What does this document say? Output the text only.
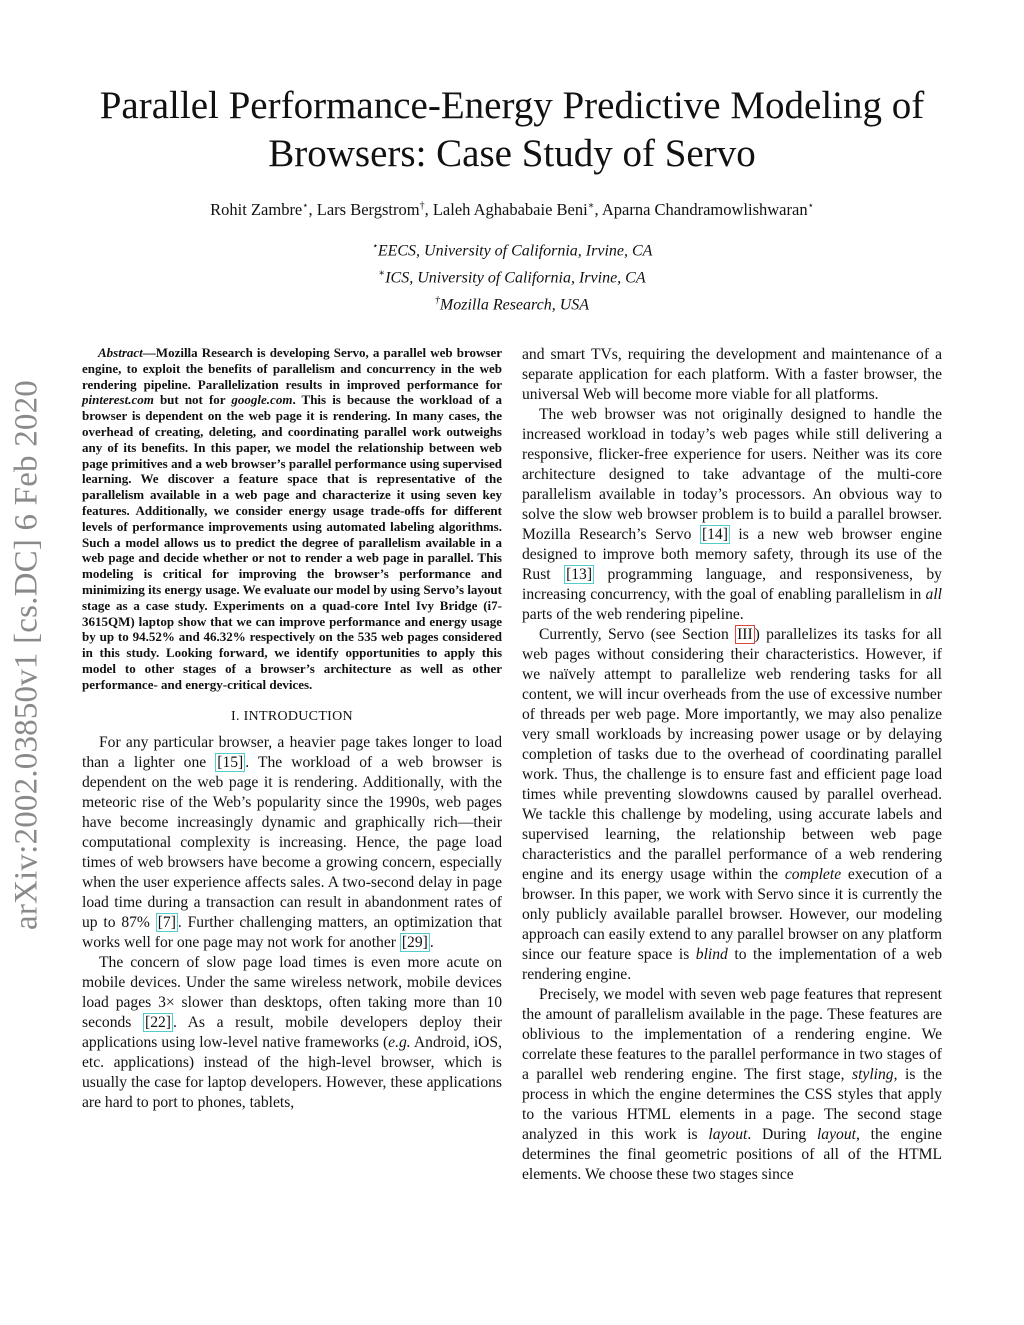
arXiv:2002.03850v1 [cs.DC] 6 Feb 2020
Parallel Performance-Energy Predictive Modeling of
Browsers: Case Study of Servo
Rohit Zambre⋆, Lars Bergstrom†, Laleh Aghababaie Beni∗, Aparna Chandramowlishwaran⋆
⋆EECS, University of California, Irvine, CA
∗ICS, University of California, Irvine, CA
†Mozilla Research, USA

Abstract—Mozilla Research is developing Servo, a parallel web browser engine, to exploit the benefits of parallelism and concurrency in the web rendering pipeline. Parallelization results in improved performance for pinterest.com but not for google.com. This is because the workload of a browser is dependent on the web page it is rendering. In many cases, the overhead of creating, deleting, and coordinating parallel work outweighs any of its benefits. In this paper, we model the relationship between web page primitives and a web browser’s parallel performance using supervised learning. We discover a feature space that is representative of the parallelism available in a web page and characterize it using seven key features. Additionally, we consider energy usage trade-offs for different levels of performance improvements using automated labeling algorithms. Such a model allows us to predict the degree of parallelism available in a web page and decide whether or not to render a web page in parallel. This modeling is critical for improving the browser’s performance and minimizing its energy usage. We evaluate our model by using Servo’s layout stage as a case study. Experiments on a quad-core Intel Ivy Bridge (i7-3615QM) laptop show that we can improve performance and energy usage by up to 94.52% and 46.32% respectively on the 535 web pages considered in this study. Looking forward, we identify opportunities to apply this model to other stages of a browser’s architecture as well as other performance- and energy-critical devices.

I. INTRODUCTION

For any particular browser, a heavier page takes longer to load than a lighter one [15] . The workload of a web browser is dependent on the web page it is rendering. Additionally, with the meteoric rise of the Web’s popularity since the 1990s, web pages have become increasingly dynamic and graphically rich—their computational complexity is increasing. Hence, the page load times of web browsers have become a growing concern, especially when the user experience affects sales. A two-second delay in page load time during a transaction can result in abandonment rates of up to 87% [7] . Further challenging matters, an optimization that works well for one page may not work for another [29] .

The concern of slow page load times is even more acute on mobile devices. Under the same wireless network, mobile devices load pages 3× slower than desktops, often taking more than 10 seconds [22] . As a result, mobile developers deploy their applications using low-level native frameworks (e.g. Android, iOS, etc. applications) instead of the high-level browser, which is usually the case for laptop developers. However, these applications are hard to port to phones, tablets,

and smart TVs, requiring the development and maintenance of a separate application for each platform. With a faster browser, the universal Web will become more viable for all platforms.

The web browser was not originally designed to handle the increased workload in today’s web pages while still delivering a responsive, flicker-free experience for users. Neither was its core architecture designed to take advantage of the multi-core parallelism available in today’s processors. An obvious way to solve the slow web browser problem is to build a parallel browser. Mozilla Research’s Servo [14] is a new web browser engine designed to improve both memory safety, through its use of the Rust [13] programming language, and responsiveness, by increasing concurrency, with the goal of enabling parallelism in all parts of the web rendering pipeline.

Currently, Servo (see Section III ) parallelizes its tasks for all web pages without considering their characteristics. However, if we naïvely attempt to parallelize web rendering tasks for all content, we will incur overheads from the use of excessive number of threads per web page. More importantly, we may also penalize very small workloads by increasing power usage or by delaying completion of tasks due to the overhead of coordinating parallel work. Thus, the challenge is to ensure fast and efficient page load times while preventing slowdowns caused by parallel overhead. We tackle this challenge by modeling, using accurate labels and supervised learning, the relationship between web page characteristics and the parallel performance of a web rendering engine and its energy usage within the complete execution of a browser. In this paper, we work with Servo since it is currently the only publicly available parallel browser. However, our modeling approach can easily extend to any parallel browser on any platform since our feature space is blind to the implementation of a web rendering engine.

Precisely, we model with seven web page features that represent the amount of parallelism available in the page. These features are oblivious to the implementation of a rendering engine. We correlate these features to the parallel performance in two stages of a parallel web rendering engine. The first stage, styling, is the process in which the engine determines the CSS styles that apply to the various HTML elements in a page. The second stage analyzed in this work is layout. During layout, the engine determines the final geometric positions of all of the HTML elements. We choose these two stages since
